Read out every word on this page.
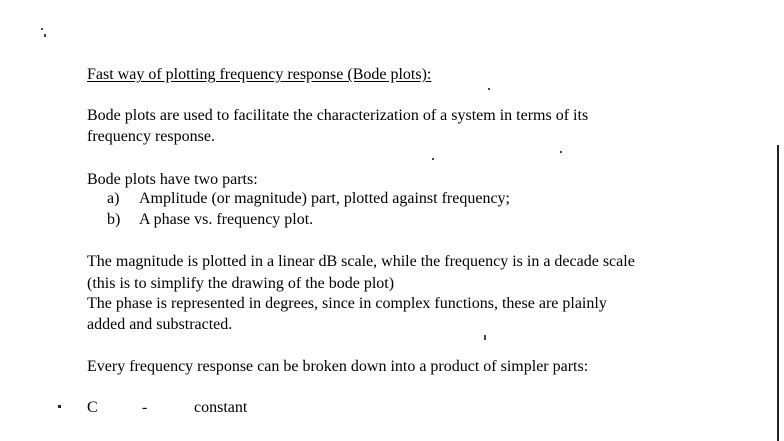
Fast way of plotting frequency response (Bode plots):
Bode plots are used to facilitate the characterization of a system in terms of its
frequency response.
Bode plots have two parts:
a) Amplitude (or magnitude) part, plotted against frequency;
b) A phase vs. frequency plot.
The magnitude is plotted in a linear dB scale, while the frequency is in a decade scale
(this is to simplify the drawing of the bode plot)
The phase is represented in degrees, since in complex functions, these are plainly
added and substracted.
Every frequency response can be broken down into a product of simpler parts:
C	-	constant
